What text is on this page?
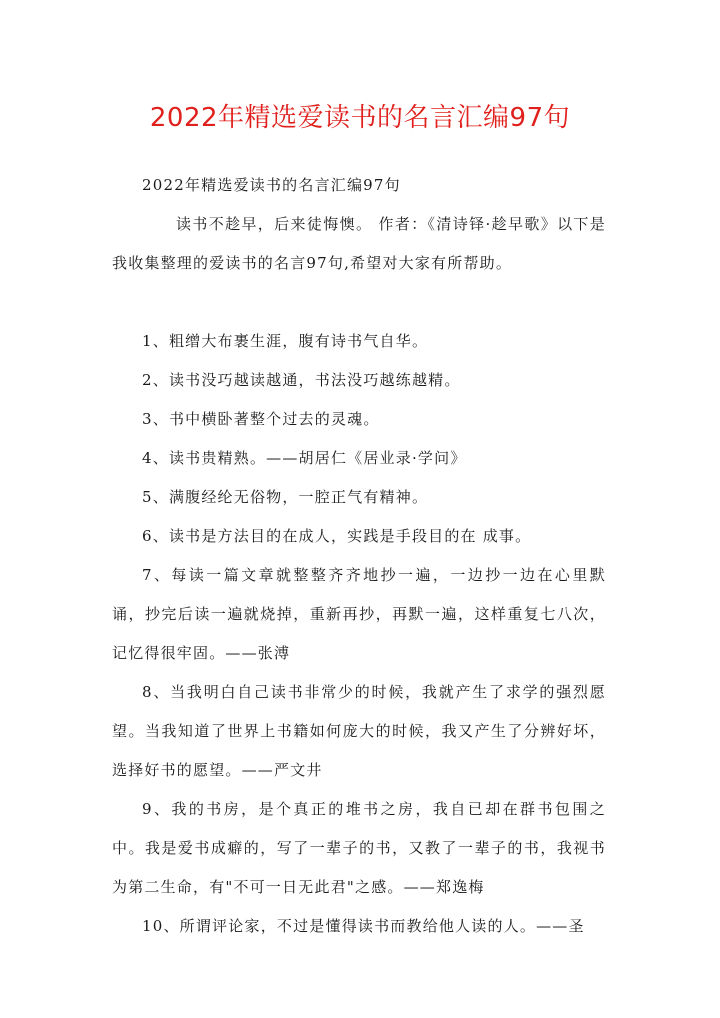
2022年精选爱读书的名言汇编97句

2022年精选爱读书的名言汇编97句

读书不趁早，后来徒悔懊。 作者：《清诗铎·趁早歌》以下是我收集整理的爱读书的名言97句,希望对大家有所帮助。

1、粗缯大布裹生涯，腹有诗书气自华。
2、读书没巧越读越通，书法没巧越练越精。
3、书中横卧著整个过去的灵魂。
4、读书贵精熟。——胡居仁《居业录·学问》
5、满腹经纶无俗物，一腔正气有精神。
6、读书是方法目的在成人，实践是手段目的在 成事。
7、每读一篇文章就整整齐齐地抄一遍，一边抄一边在心里默诵，抄完后读一遍就烧掉，重新再抄，再默一遍，这样重复七八次，记忆得很牢固。——张溥
8、当我明白自己读书非常少的时候，我就产生了求学的强烈愿望。当我知道了世界上书籍如何庞大的时候，我又产生了分辨好坏，选择好书的愿望。——严文井
9、我的书房，是个真正的堆书之房，我自已却在群书包围之中。我是爱书成癖的，写了一辈子的书，又教了一辈子的书，我视书为第二生命，有"不可一日无此君"之感。——郑逸梅
10、所谓评论家，不过是懂得读书而教给他人读的人。——圣
